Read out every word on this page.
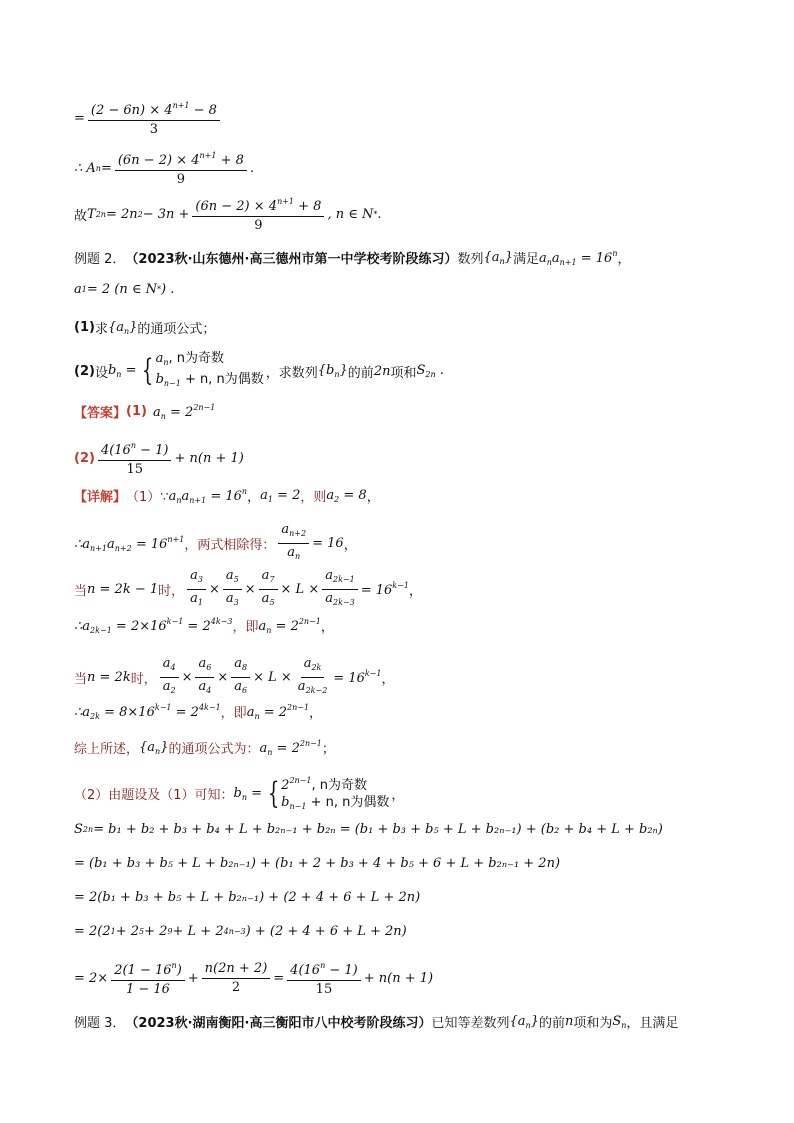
= $\frac{(2 - 6n) \times 4^{n+1} - 8}{3}$
∴ A $n = \frac{(6n - 2) \times 4^{n+1} + 8}{9}$ .
故 T 2n = 2n $2 - 3n + \frac{(6n - 2) \times 4^{n+1} + 8}{9}$ , n ∈ N * .
例题 2． （2023秋·山东德州·高三德州市第一中学校考阶段练习） 数列 $\{a_n\}$ 满足 $a_na_{n+1} = 16^n$ ，
a 1 = 2 (n ∈ N * ) .
(1) 求 $\{a_n\}$ 的通项公式；
(2) 设 $b_n$ = { $a_n$, n为奇数
$b_{n-1} + n$, n为偶数 ，求数列 $\{b_n\}$ 的前 2n 项和 $S_{2n}$ .
【答案】 (1) $a_n = 2^{2n-1}$
$(2) \frac{4(16^n - 1)}{15} + n(n + 1)$
【详解】 （1）∵ $a_na_{n+1} = 16^n$ ， $a_1 = 2$ ，则 $a_2 = 8$ ，
$\therefore a_{n+1}a_{n+2} = 16^{n+1}$ ，两式相除得： $\frac{a_{n+2}}{a_n} = 16$ ，
当 n = 2k − 1 时， $\frac{a_3}{a_1} \times \frac{a_5}{a_3} \times \frac{a_7}{a_5} \times L \times \frac{a_{2k-1}}{a_{2k-3}} = 16^{k-1}$ ，
$\therefore a_{2k-1} = 2\times 16^{k-1} = 2^{4k-3}$ ，即 $a_n = 2^{2n-1}$ ，
当 n = 2k 时， $\frac{a_4}{a_2} \times \frac{a_6}{a_4} \times \frac{a_8}{a_6} \times L \times \frac{a_{2k}}{a_{2k-2}} = 16^{k-1}$ ，
$\therefore a_{2k} = 8\times 16^{k-1} = 2^{4k-1}$ ，即 $a_n = 2^{2n-1}$ ，
综上所述， $\{a_n\}$ 的通项公式为： $a_n = 2^{2n-1}$ ；
（2）由题设及（1）可知： $b_n$ = { $2^{2n-1}$, n为奇数
$b_{n-1} + n$, n为偶数 ，
S 2n = b₁ + b₂ + b₃ + b₄ + L + b₂ₙ₋₁ + b₂ₙ = (b₁ + b₃ + b₅ + L + b₂ₙ₋₁) + (b₂ + b₄ + L + b₂ₙ)
= (b₁ + b₃ + b₅ + L + b₂ₙ₋₁) + (b₁ + 2 + b₃ + 4 + b₅ + 6 + L + b₂ₙ₋₁ + 2n)
= 2(b₁ + b₃ + b₅ + L + b₂ₙ₋₁) + (2 + 4 + 6 + L + 2n)
= 2(2 1 + 2 5 + 2 9 + L + 2 4n−3 ) + (2 + 4 + 6 + L + 2n)
= $2\times \frac{2(1 - 16^n)}{1 - 16} + \frac{n(2n + 2)}{2} = \frac{4(16^n - 1)}{15} + n(n + 1)$
例题 3． （2023秋·湖南衡阳·高三衡阳市八中校考阶段练习） 已知等差数列 $\{a_n\}$ 的前 n 项和为 $S_n$ ，且满足
